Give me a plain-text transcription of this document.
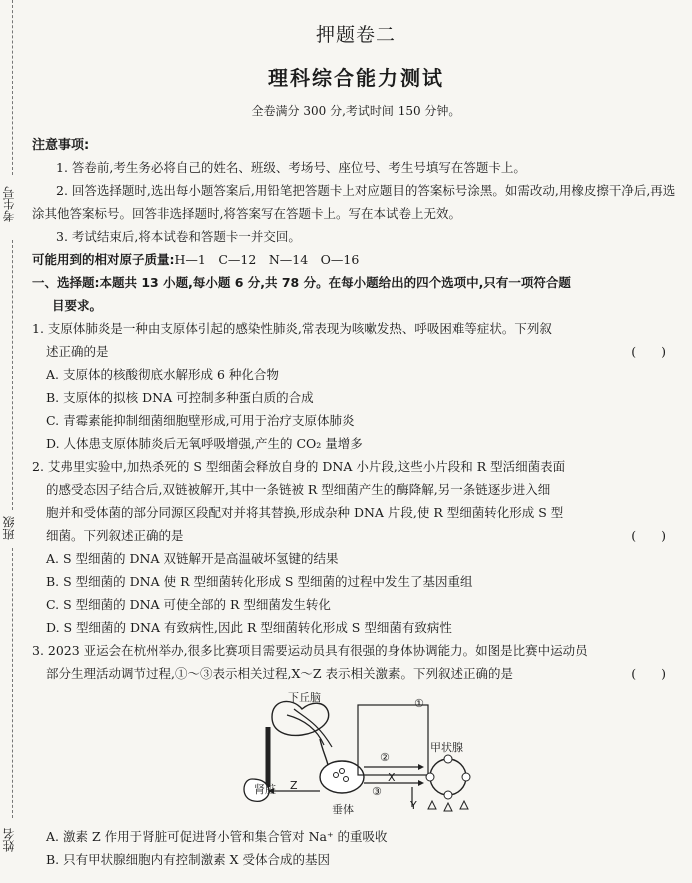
考生号
班级
姓名
押题卷二
理科综合能力测试
全卷满分 300 分,考试时间 150 分钟。
注意事项:

1. 答卷前,考生务必将自己的姓名、班级、考场号、座位号、考生号填写在答题卡上。

2. 回答选择题时,选出每小题答案后,用铅笔把答题卡上对应题目的答案标号涂黑。如需改动,用橡皮擦干净后,再选涂其他答案标号。回答非选择题时,将答案写在答题卡上。写在本试卷上无效。

3. 考试结束后,将本试卷和答题卡一并交回。

可能用到的相对原子质量:H—1　C—12　N—14　O—16

一、选择题:本题共 13 小题,每小题 6 分,共 78 分。在每小题给出的四个选项中,只有一项符合题
目要求。
1. 支原体肺炎是一种由支原体引起的感染性肺炎,常表现为咳嗽发热、呼吸困难等症状。下列叙
述正确的是	(　　)
A. 支原体的核酸彻底水解形成 6 种化合物
B. 支原体的拟核 DNA 可控制多种蛋白质的合成
C. 青霉素能抑制细菌细胞壁形成,可用于治疗支原体肺炎
D. 人体患支原体肺炎后无氧呼吸增强,产生的 CO₂ 量增多
2. 艾弗里实验中,加热杀死的 S 型细菌会释放自身的 DNA 小片段,这些小片段和 R 型活细菌表面
的感受态因子结合后,双链被解开,其中一条链被 R 型细菌产生的酶降解,另一条链逐步进入细
胞并和受体菌的部分同源区段配对并将其替换,形成杂种 DNA 片段,使 R 型细菌转化形成 S 型
细菌。下列叙述正确的是	(　　)
A. S 型细菌的 DNA 双链解开是高温破坏氢键的结果
B. S 型细菌的 DNA 使 R 型细菌转化形成 S 型细菌的过程中发生了基因重组
C. S 型细菌的 DNA 可使全部的 R 型细菌发生转化
D. S 型细菌的 DNA 有致病性,因此 R 型细菌转化形成 S 型细菌有致病性
3. 2023 亚运会在杭州举办,很多比赛项目需要运动员具有很强的身体协调能力。如图是比赛中运动员
部分生理活动调节过程,①～③表示相关过程,X～Z 表示相关激素。下列叙述正确的是	(　　)
下丘脑	①
甲状腺
②
③
X
Y
Z
肾脏
垂体
A. 激素 Z 作用于肾脏可促进肾小管和集合管对 Na⁺ 的重吸收
B. 只有甲状腺细胞内有控制激素 X 受体合成的基因
